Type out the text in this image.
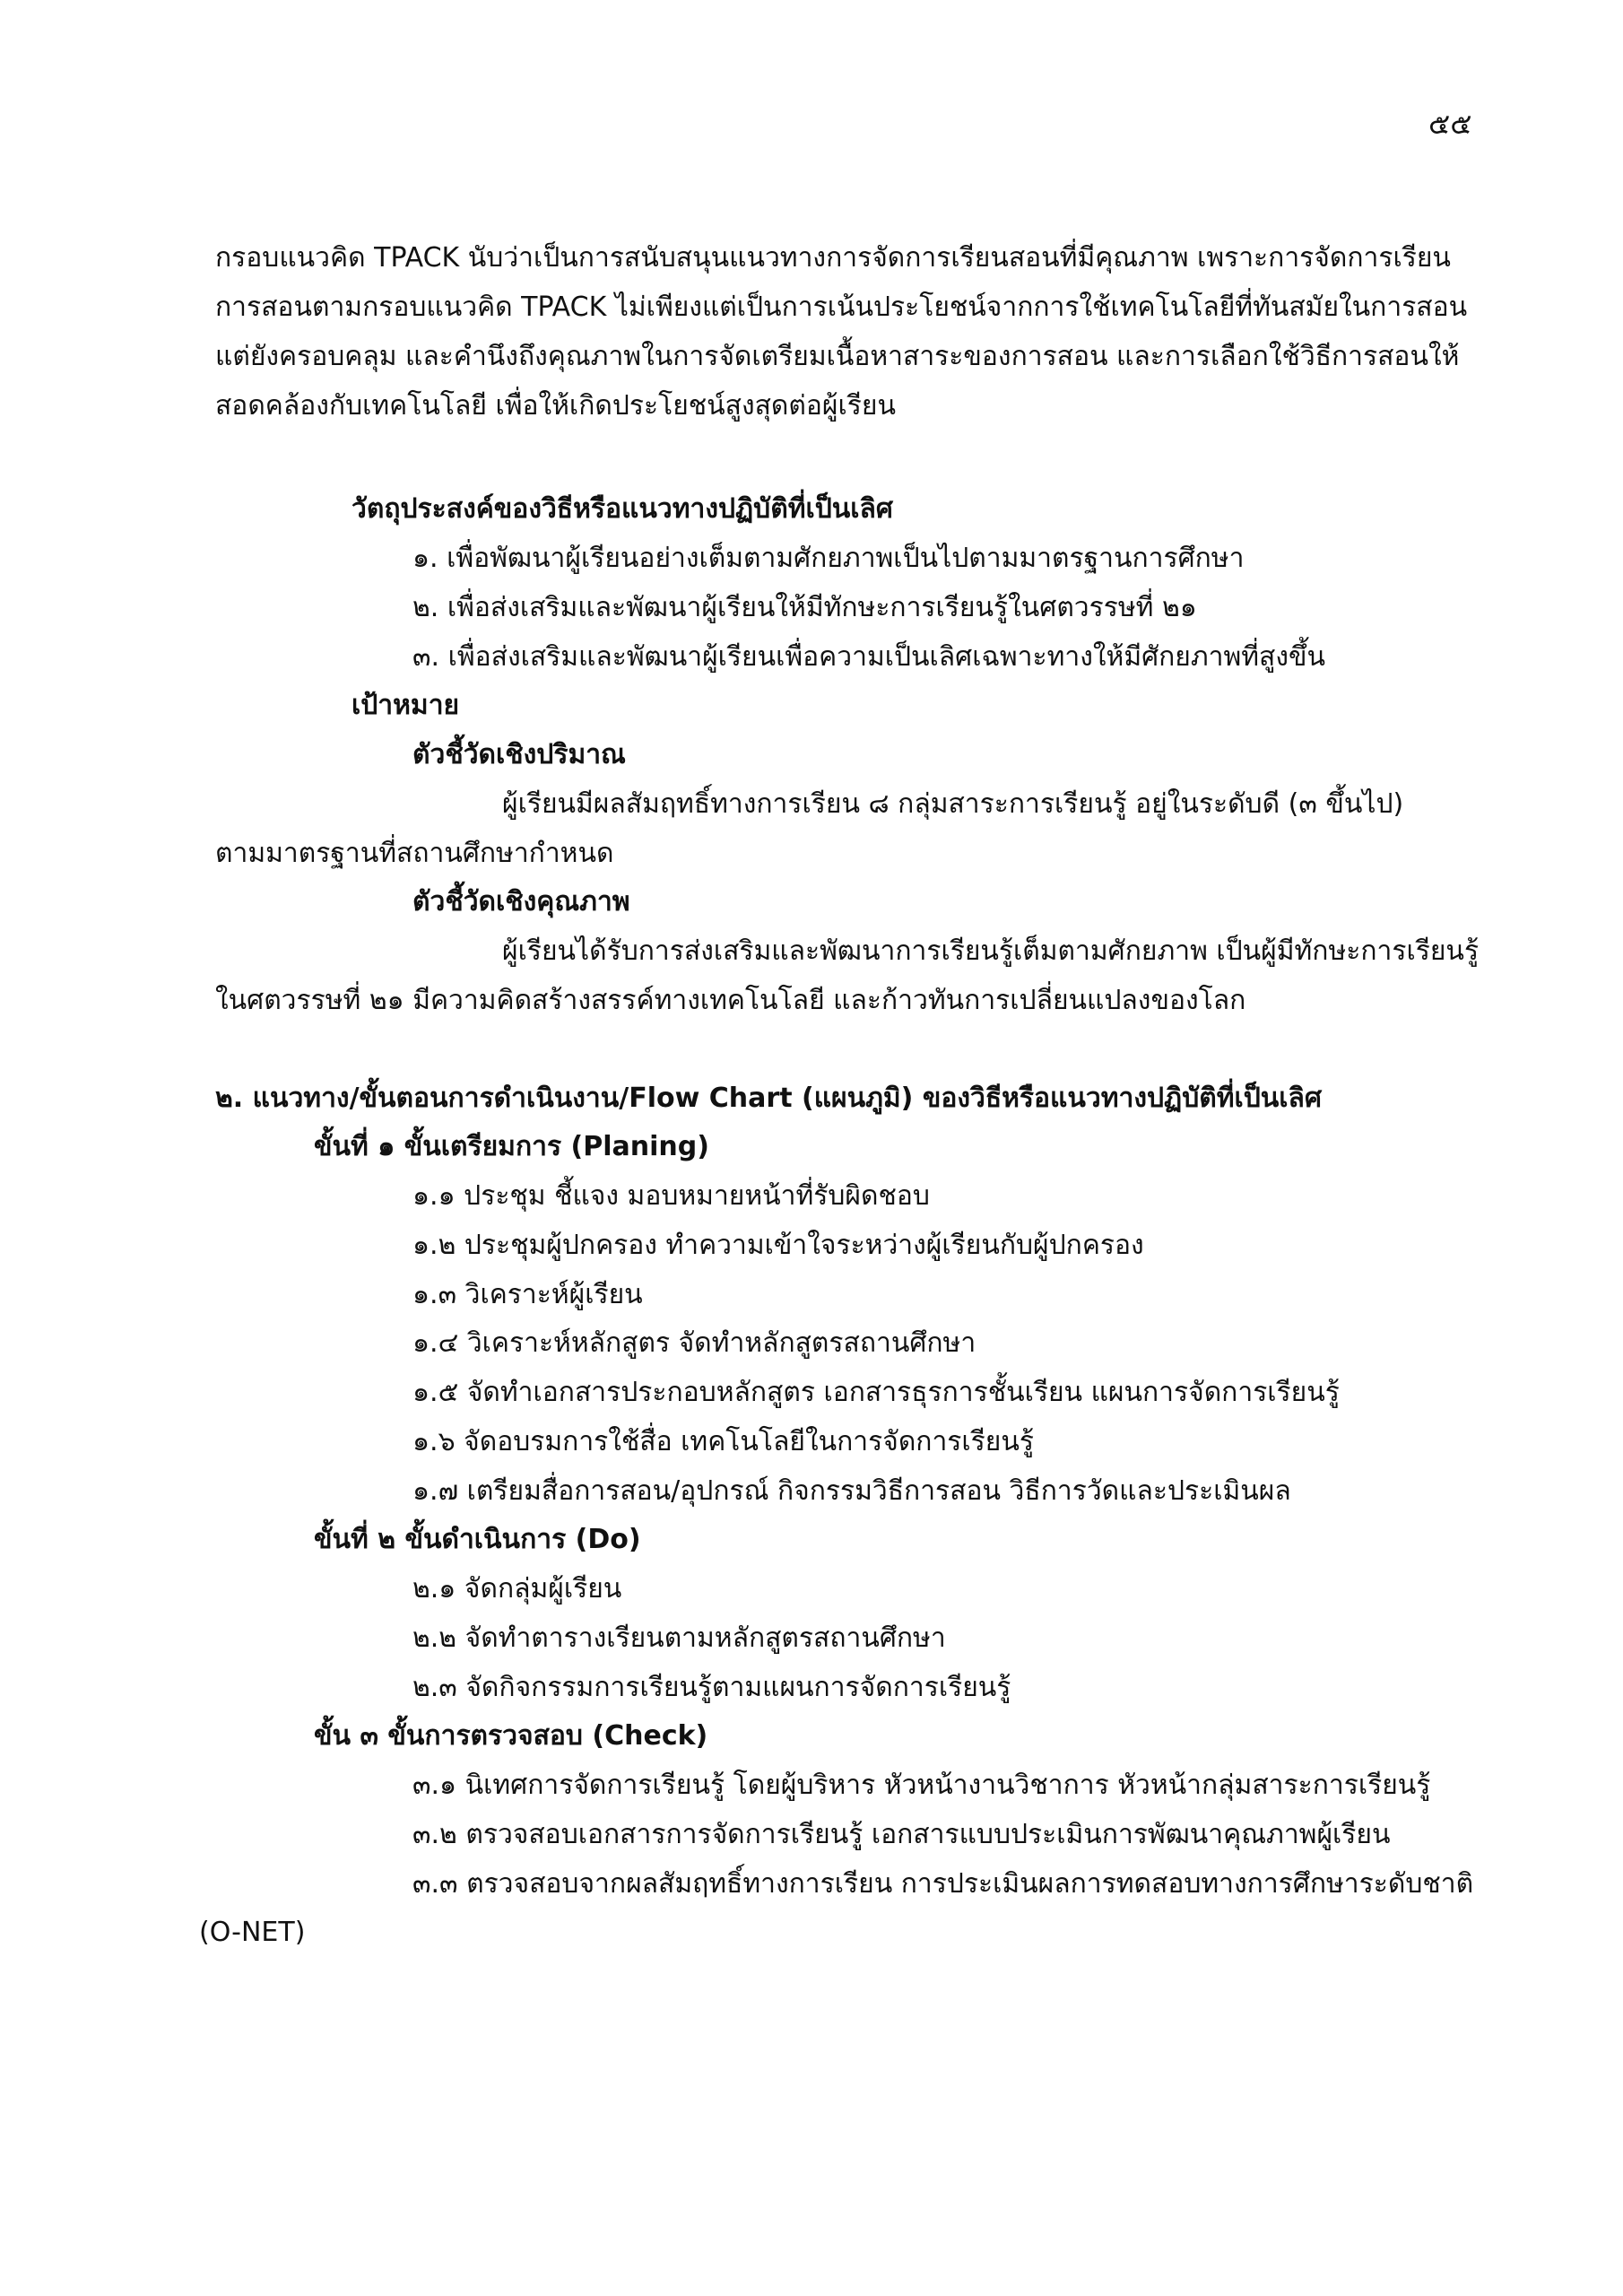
๕๕
กรอบแนวคิด TPACK นับว่าเป็นการสนับสนุนแนวทางการจัดการเรียนสอนที่มีคุณภาพ เพราะการจัดการเรียน
การสอนตามกรอบแนวคิด TPACK ไม่เพียงแต่เป็นการเน้นประโยชน์จากการใช้เทคโนโลยีที่ทันสมัยในการสอน
แต่ยังครอบคลุม และคำนึงถึงคุณภาพในการจัดเตรียมเนื้อหาสาระของการสอน และการเลือกใช้วิธีการสอนให้
สอดคล้องกับเทคโนโลยี เพื่อให้เกิดประโยชน์สูงสุดต่อผู้เรียน
วัตถุประสงค์ของวิธีหรือแนวทางปฏิบัติที่เป็นเลิศ
๑. เพื่อพัฒนาผู้เรียนอย่างเต็มตามศักยภาพเป็นไปตามมาตรฐานการศึกษา
๒. เพื่อส่งเสริมและพัฒนาผู้เรียนให้มีทักษะการเรียนรู้ในศตวรรษที่ ๒๑
๓. เพื่อส่งเสริมและพัฒนาผู้เรียนเพื่อความเป็นเลิศเฉพาะทางให้มีศักยภาพที่สูงขึ้น
เป้าหมาย
ตัวชี้วัดเชิงปริมาณ
ผู้เรียนมีผลสัมฤทธิ์ทางการเรียน ๘ กลุ่มสาระการเรียนรู้ อยู่ในระดับดี (๓ ขึ้นไป)
ตามมาตรฐานที่สถานศึกษากำหนด
ตัวชี้วัดเชิงคุณภาพ
ผู้เรียนได้รับการส่งเสริมและพัฒนาการเรียนรู้เต็มตามศักยภาพ เป็นผู้มีทักษะการเรียนรู้
ในศตวรรษที่ ๒๑ มีความคิดสร้างสรรค์ทางเทคโนโลยี และก้าวทันการเปลี่ยนแปลงของโลก
๒. แนวทาง/ขั้นตอนการดำเนินงาน/Flow Chart (แผนภูมิ) ของวิธีหรือแนวทางปฏิบัติที่เป็นเลิศ
ขั้นที่ ๑ ขั้นเตรียมการ (Planing)
๑.๑ ประชุม ชี้แจง มอบหมายหน้าที่รับผิดชอบ
๑.๒ ประชุมผู้ปกครอง ทำความเข้าใจระหว่างผู้เรียนกับผู้ปกครอง
๑.๓ วิเคราะห์ผู้เรียน
๑.๔ วิเคราะห์หลักสูตร จัดทำหลักสูตรสถานศึกษา
๑.๕ จัดทำเอกสารประกอบหลักสูตร เอกสารธุรการชั้นเรียน แผนการจัดการเรียนรู้
๑.๖ จัดอบรมการใช้สื่อ เทคโนโลยีในการจัดการเรียนรู้
๑.๗ เตรียมสื่อการสอน/อุปกรณ์ กิจกรรมวิธีการสอน วิธีการวัดและประเมินผล
ขั้นที่ ๒ ขั้นดำเนินการ (Do)
๒.๑ จัดกลุ่มผู้เรียน
๒.๒ จัดทำตารางเรียนตามหลักสูตรสถานศึกษา
๒.๓ จัดกิจกรรมการเรียนรู้ตามแผนการจัดการเรียนรู้
ขั้น ๓ ขั้นการตรวจสอบ (Check)
๓.๑ นิเทศการจัดการเรียนรู้ โดยผู้บริหาร หัวหน้างานวิชาการ หัวหน้ากลุ่มสาระการเรียนรู้
๓.๒ ตรวจสอบเอกสารการจัดการเรียนรู้ เอกสารแบบประเมินการพัฒนาคุณภาพผู้เรียน
๓.๓ ตรวจสอบจากผลสัมฤทธิ์ทางการเรียน การประเมินผลการทดสอบทางการศึกษาระดับชาติ
(O-NET)
